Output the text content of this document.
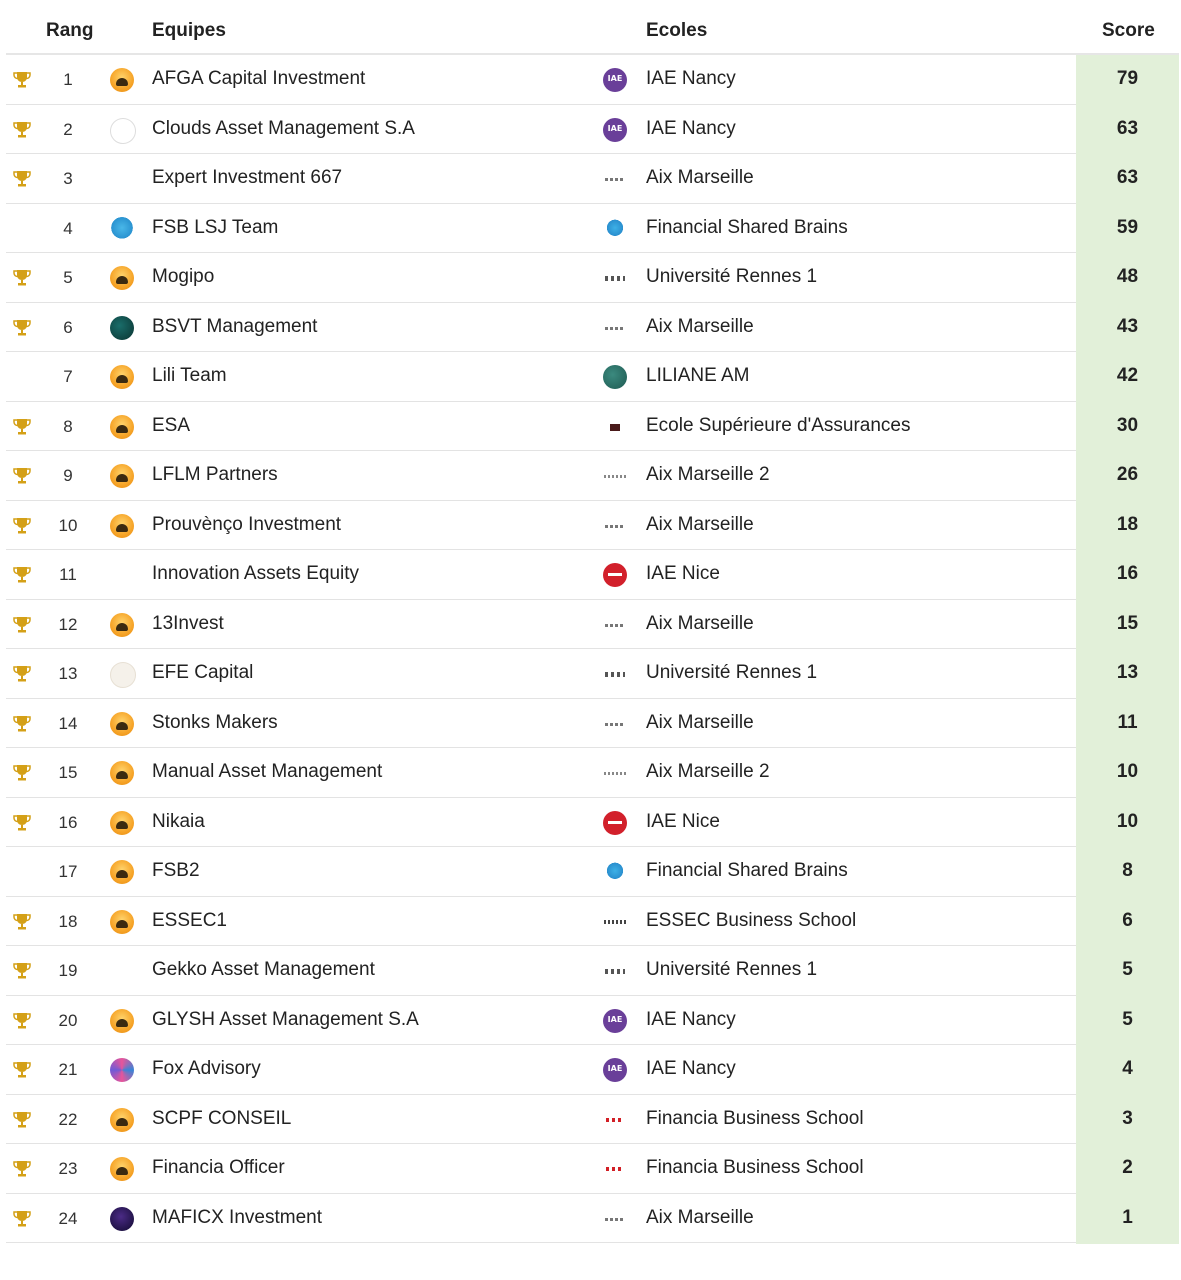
Rang	Equipes	Ecoles	Score
1	AFGA Capital Investment IAE	IAE Nancy	79
2	Clouds Asset Management S.A IAE	IAE Nancy	63
3	Expert Investment 667	Aix Marseille	63
4	FSB LSJ Team	Financial Shared Brains	59
5	Mogipo	Université Rennes 1	48
6	BSVT Management	Aix Marseille	43
7	Lili Team	LILIANE AM	42
8	ESA	Ecole Supérieure d'Assurances	30
9	LFLM Partners	Aix Marseille 2	26
10	Prouvènço Investment	Aix Marseille	18
11	Innovation Assets Equity	IAE Nice	16
12	13Invest	Aix Marseille	15
13	EFE Capital	Université Rennes 1	13
14	Stonks Makers	Aix Marseille	11
15	Manual Asset Management	Aix Marseille 2	10
16	Nikaia	IAE Nice	10
17	FSB2	Financial Shared Brains	8
18	ESSEC1	ESSEC Business School	6
19	Gekko Asset Management	Université Rennes 1	5
20	GLYSH Asset Management S.A IAE	IAE Nancy	5
21	Fox Advisory IAE	IAE Nancy	4
22	SCPF CONSEIL	Financia Business School	3
23	Financia Officer	Financia Business School	2
24	MAFICX Investment	Aix Marseille	1
